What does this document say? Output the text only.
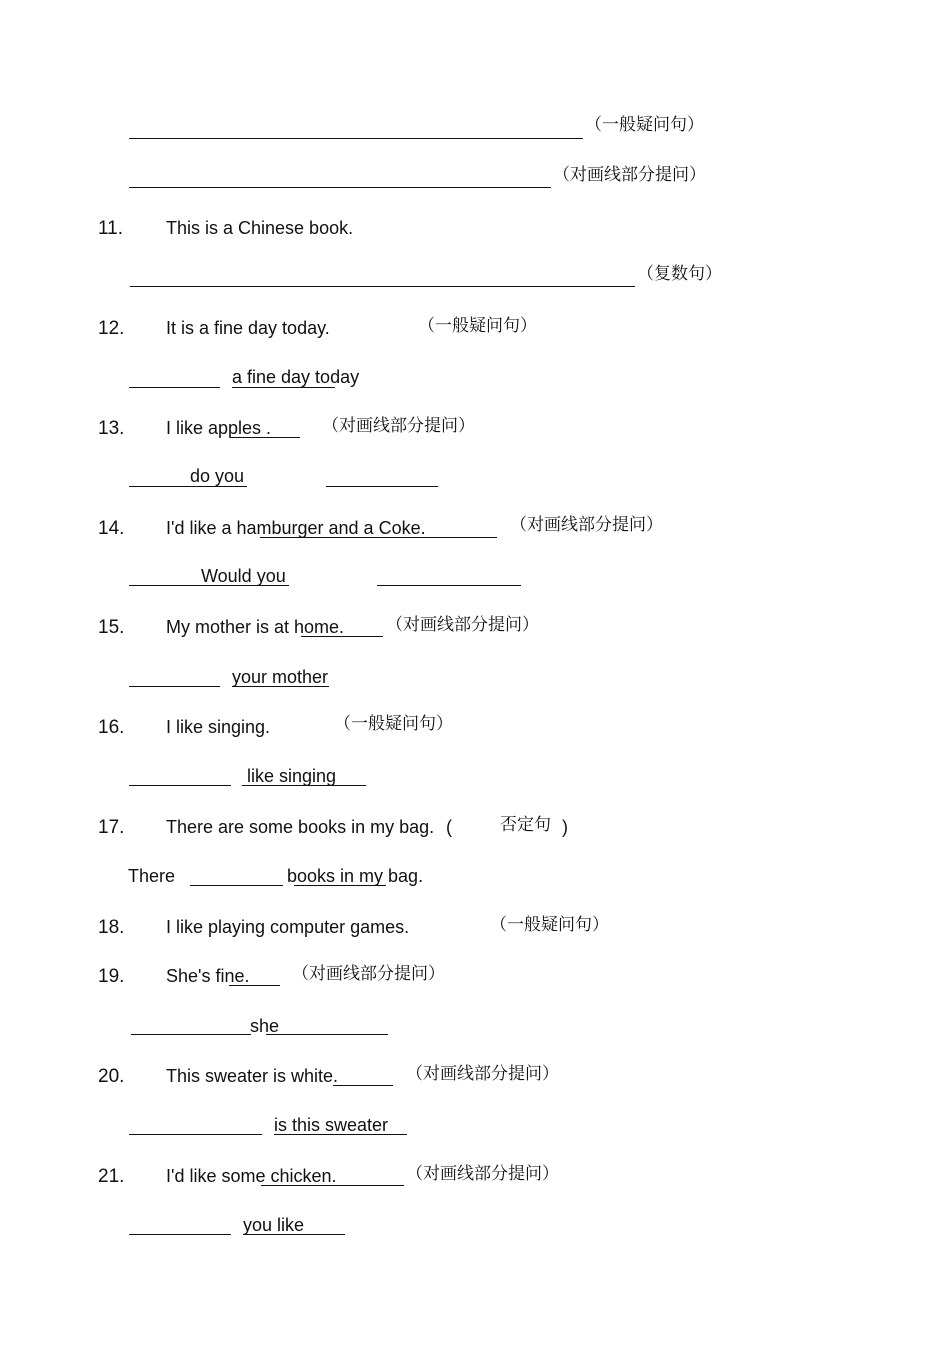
（一般疑问句）
（对画线部分提问）
11. This is a Chinese book.
（复数句）
12. It is a fine day today.	（一般疑问句）
a fine day today
13. I like apples .	（对画线部分提问）
do you
14. I'd like a hamburger and a Coke.	（对画线部分提问）
Would you
15. My mother is at home. （对画线部分提问）
your mother
16. I like singing.	（一般疑问句）
like singing
17. There are some books in my bag. (	否定句 )
There	books in my bag.
18. I like playing computer games.	（一般疑问句）
19. She's fine.	（对画线部分提问）
she
20. This sweater is white.	（对画线部分提问）
is this sweater
21. I'd like some chicken.	（对画线部分提问）
you like
